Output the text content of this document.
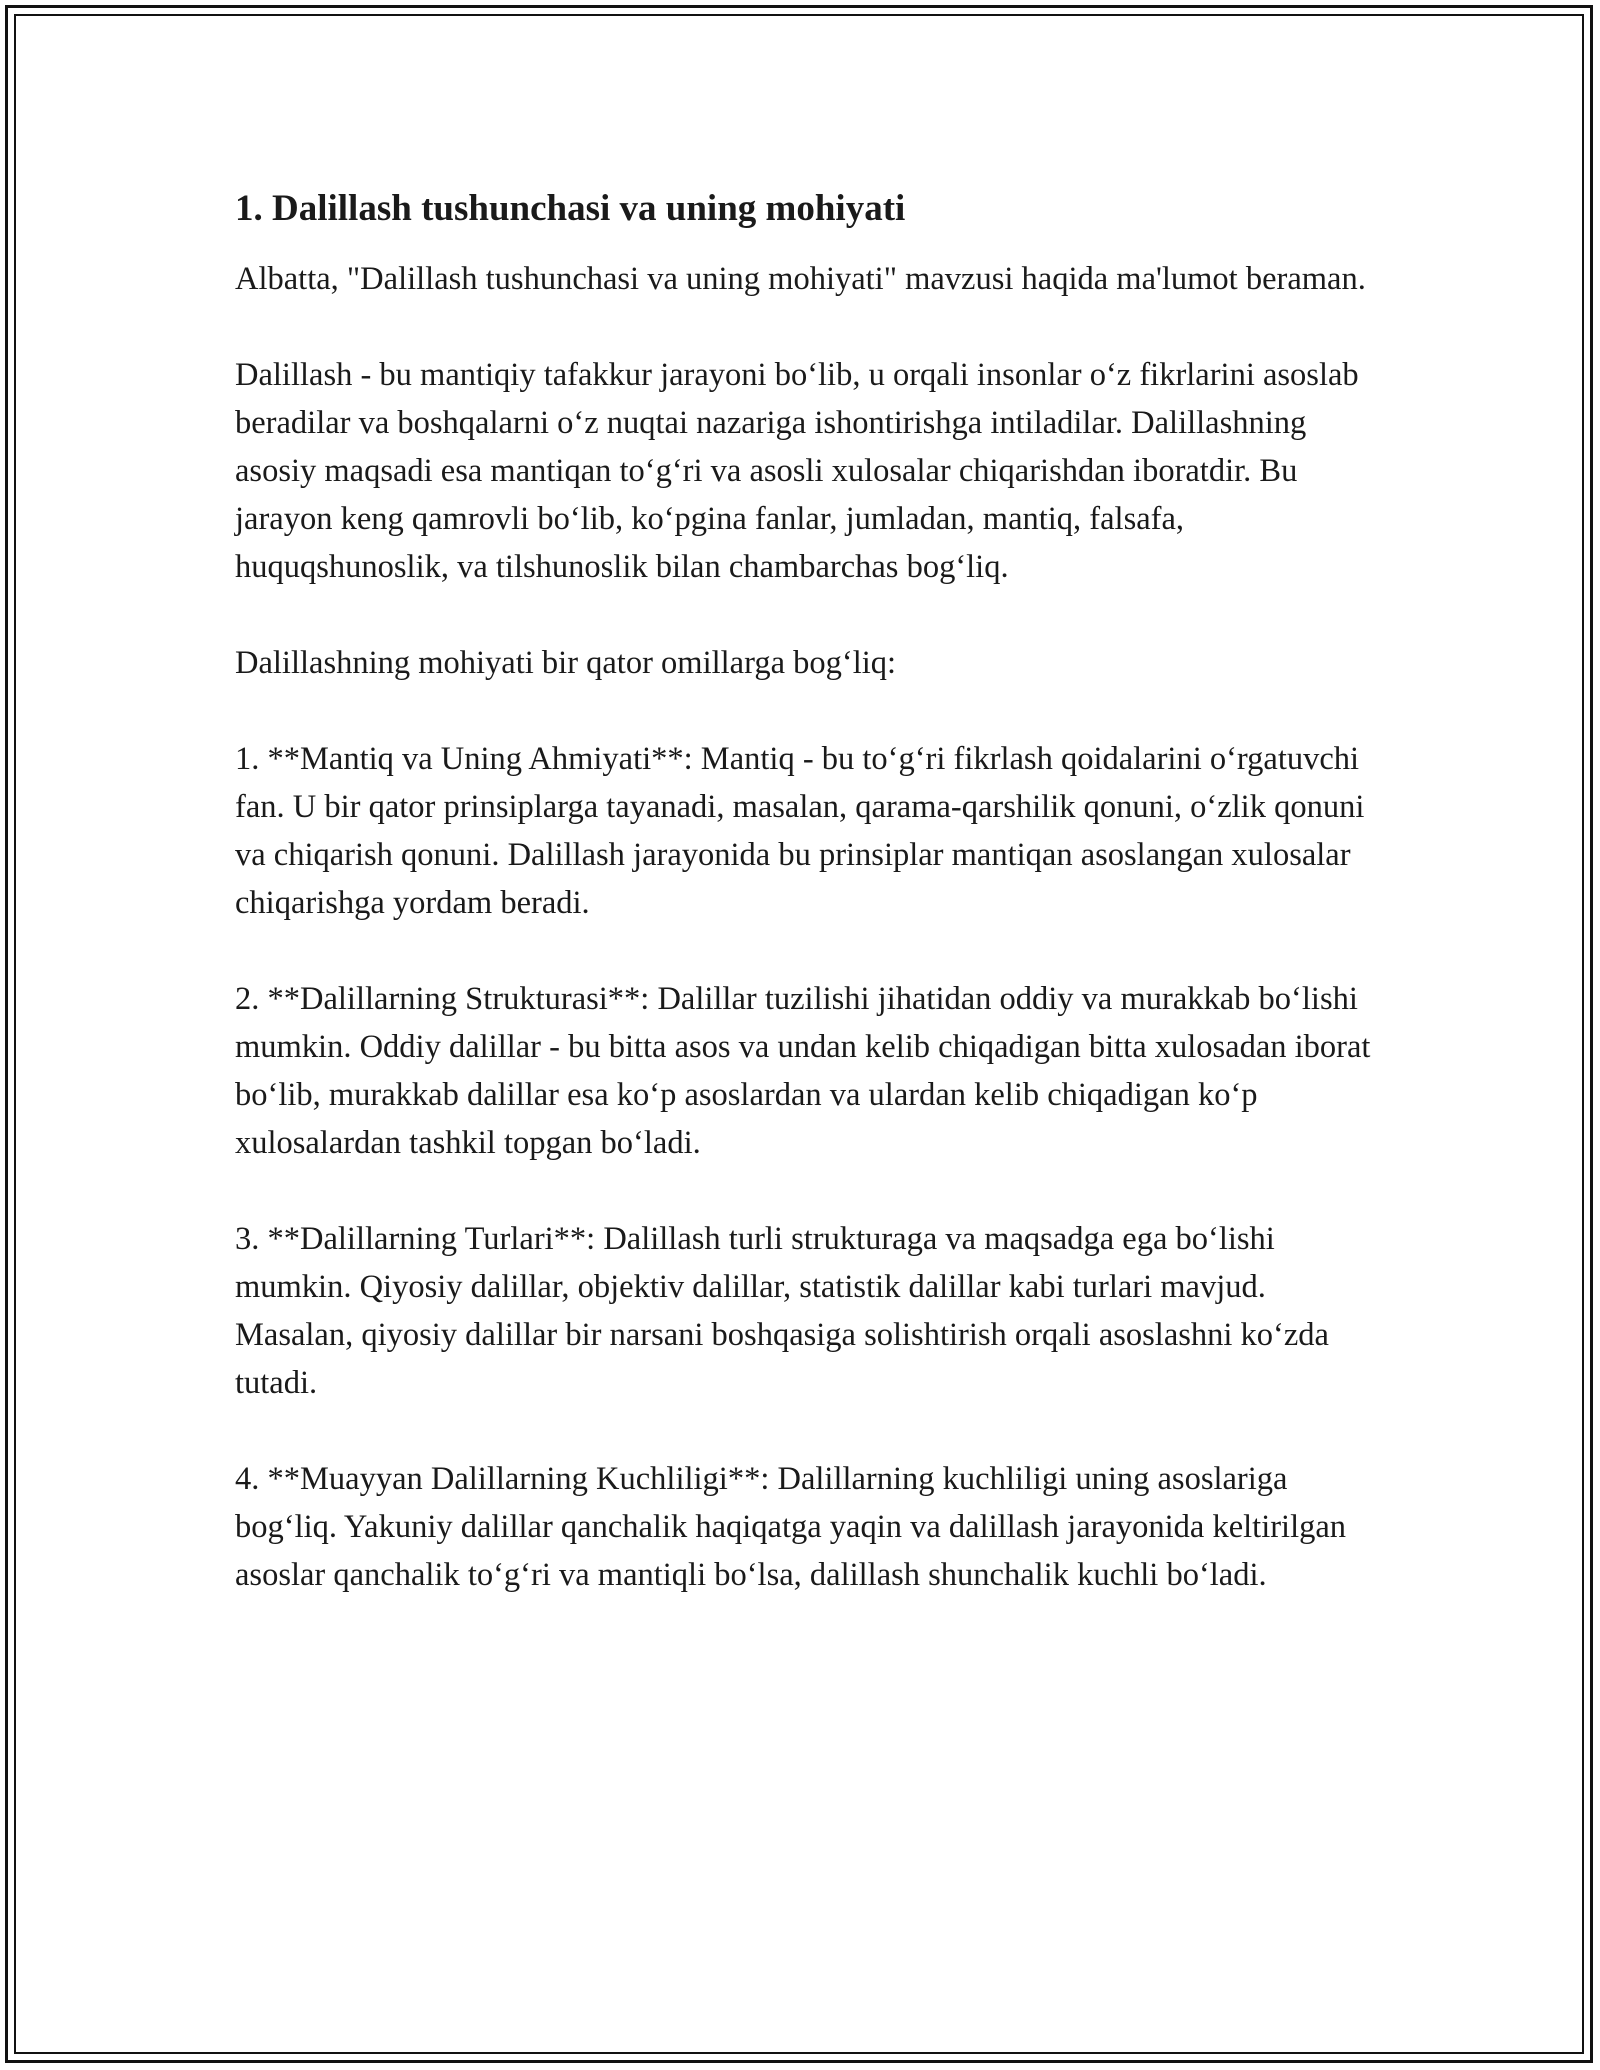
1. Dalillash tushunchasi va uning mohiyati

Albatta, "Dalillash tushunchasi va uning mohiyati" mavzusi haqida ma'lumot beraman.

Dalillash - bu mantiqiy tafakkur jarayoni bo‘lib, u orqali insonlar o‘z fikrlarini asoslab beradilar va boshqalarni o‘z nuqtai nazariga ishontirishga intiladilar. Dalillashning asosiy maqsadi esa mantiqan to‘g‘ri va asosli xulosalar chiqarishdan iboratdir. Bu jarayon keng qamrovli bo‘lib, ko‘pgina fanlar, jumladan, mantiq, falsafa, huquqshunoslik, va tilshunoslik bilan chambarchas bog‘liq.

Dalillashning mohiyati bir qator omillarga bog‘liq:

1. **Mantiq va Uning Ahmiyati**: Mantiq - bu to‘g‘ri fikrlash qoidalarini o‘rgatuvchi fan. U bir qator prinsiplarga tayanadi, masalan, qarama-qarshilik qonuni, o‘zlik qonuni va chiqarish qonuni. Dalillash jarayonida bu prinsiplar mantiqan asoslangan xulosalar chiqarishga yordam beradi.

2. **Dalillarning Strukturasi**: Dalillar tuzilishi jihatidan oddiy va murakkab bo‘lishi mumkin. Oddiy dalillar - bu bitta asos va undan kelib chiqadigan bitta xulosadan iborat bo‘lib, murakkab dalillar esa ko‘p asoslardan va ulardan kelib chiqadigan ko‘p xulosalardan tashkil topgan bo‘ladi.

3. **Dalillarning Turlari**: Dalillash turli strukturaga va maqsadga ega bo‘lishi mumkin. Qiyosiy dalillar, objektiv dalillar, statistik dalillar kabi turlari mavjud. Masalan, qiyosiy dalillar bir narsani boshqasiga solishtirish orqali asoslashni ko‘zda tutadi.

4. **Muayyan Dalillarning Kuchliligi**: Dalillarning kuchliligi uning asoslariga bog‘liq. Yakuniy dalillar qanchalik haqiqatga yaqin va dalillash jarayonida keltirilgan asoslar qanchalik to‘g‘ri va mantiqli bo‘lsa, dalillash shunchalik kuchli bo‘ladi.
